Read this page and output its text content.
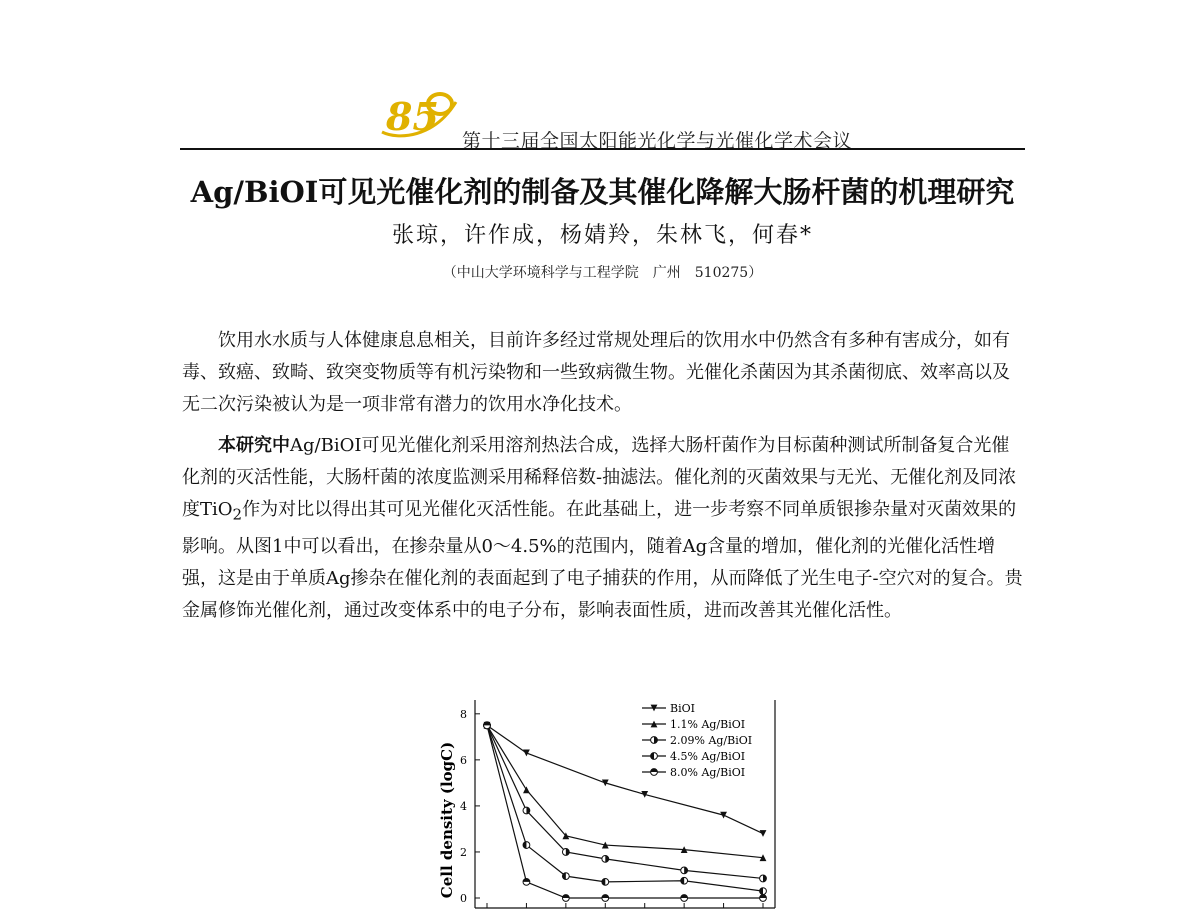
85
第十三届全国太阳能光化学与光催化学术会议
Ag/BiOI可见光催化剂的制备及其催化降解大肠杆菌的机理研究
张琼，许作成，杨婧羚，朱林飞，何春*
（中山大学环境科学与工程学院　广州　510275）

饮用水水质与人体健康息息相关，目前许多经过常规处理后的饮用水中仍然含有多种有害成分，如有毒、致癌、致畸、致突变物质等有机污染物和一些致病微生物。光催化杀菌因为其杀菌彻底、效率高以及无二次污染被认为是一项非常有潜力的饮用水净化技术。

本研究中Ag/BiOI可见光催化剂采用溶剂热法合成，选择大肠杆菌作为目标菌种测试所制备复合光催化剂的灭活性能，大肠杆菌的浓度监测采用稀释倍数-抽滤法。催化剂的灭菌效果与无光、无催化剂及同浓度TiO$_2$作为对比以得出其可见光催化灭活性能。在此基础上，进一步考察不同单质银掺杂量对灭菌效果的影响。从图1中可以看出，在掺杂量从0～4.5%的范围内，随着Ag含量的增加，催化剂的光催化活性增强，这是由于单质Ag掺杂在催化剂的表面起到了电子捕获的作用，从而降低了光生电子-空穴对的复合。贵金属修饰光催化剂，通过改变体系中的电子分布，影响表面性质，进而改善其光催化活性。

Cell density (logC)
0
2
4
6
8	BiOI
1.1% Ag/BiOI
2.09% Ag/BiOI
4.5% Ag/BiOI
8.0% Ag/BiOI
